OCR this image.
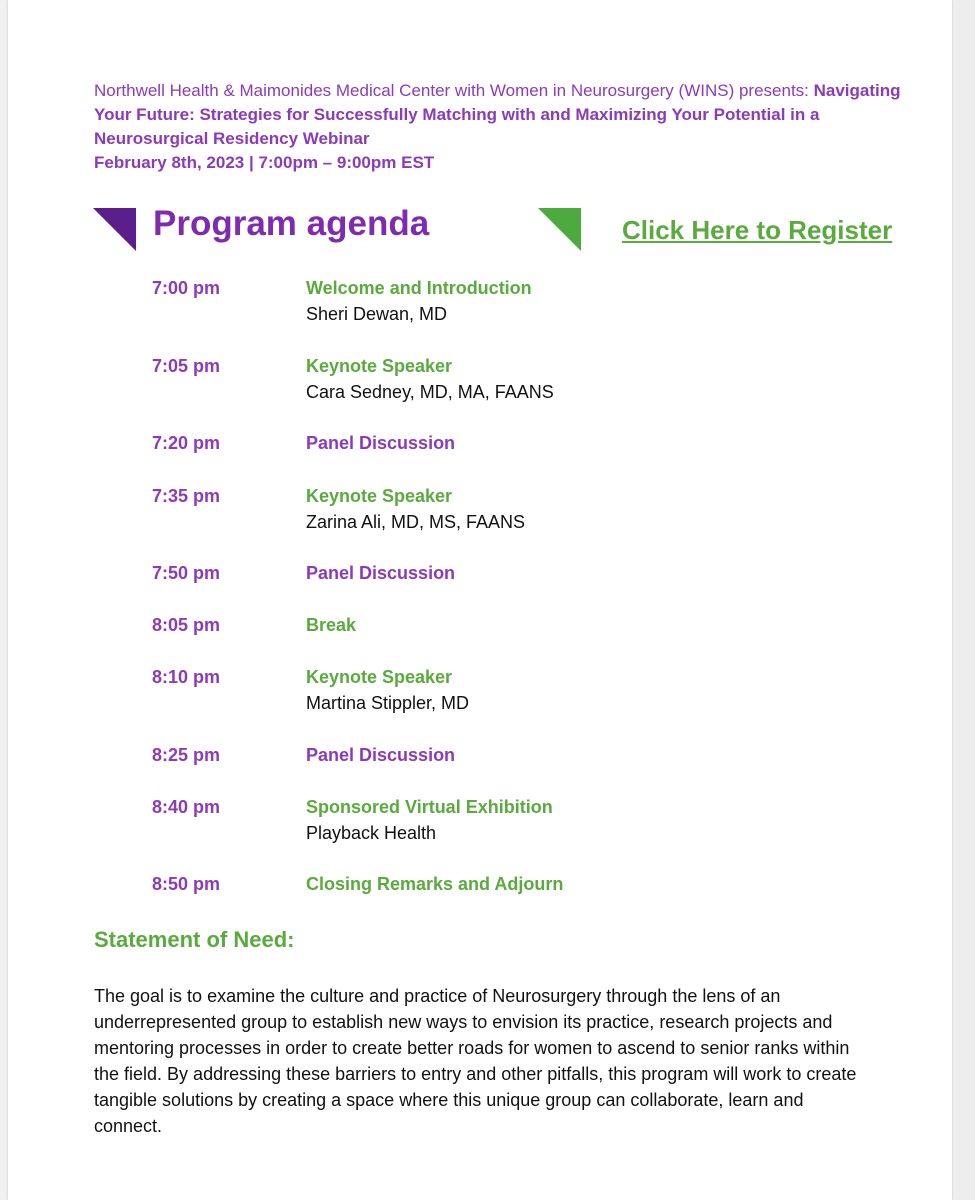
Northwell Health & Maimonides Medical Center with Women in Neurosurgery (WINS) presents: Navigating Your Future: Strategies for Successfully Matching with and Maximizing Your Potential in a Neurosurgical Residency Webinar
February 8th, 2023 | 7:00pm – 9:00pm EST
Program agenda	Click Here to Register
7:00 pm	Welcome and Introduction
Sheri Dewan, MD
7:05 pm	Keynote Speaker
Cara Sedney, MD, MA, FAANS
7:20 pm	Panel Discussion
7:35 pm	Keynote Speaker
Zarina Ali, MD, MS, FAANS
7:50 pm	Panel Discussion
8:05 pm	Break
8:10 pm	Keynote Speaker
Martina Stippler, MD
8:25 pm	Panel Discussion
8:40 pm	Sponsored Virtual Exhibition
Playback Health
8:50 pm	Closing Remarks and Adjourn
Statement of Need:
The goal is to examine the culture and practice of Neurosurgery through the lens of an underrepresented group to establish new ways to envision its practice, research projects and mentoring processes in order to create better roads for women to ascend to senior ranks within the field. By addressing these barriers to entry and other pitfalls, this program will work to create tangible solutions by creating a space where this unique group can collaborate, learn and connect.
